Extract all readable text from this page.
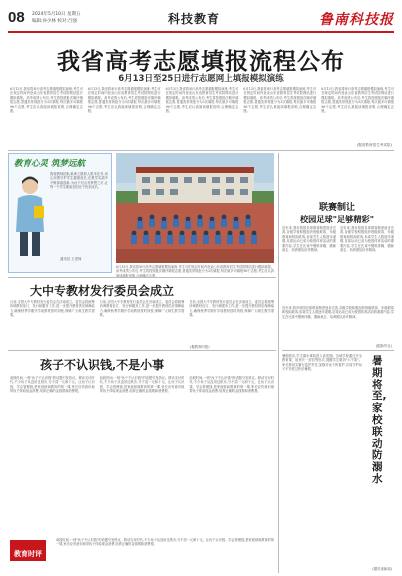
08 2024年5月10日 星期五
编辑:孙少林 校对:吕强	科技教育	鲁南科技报
我省高考志愿填报流程公布
6月13日至25日进行志愿网上填报模拟演练
6月13日,我省将举行高考志愿填报模拟演练,考生可在规定时间内登录山东省教育招生考试院网站进行模拟填报。高考成绩公布后,考生将按照批次顺序填报志愿,普通类常规批分为3次填报,每次最多可填报96个志愿,考生应认真阅读填报说明,合理确定志愿。
6月13日,我省将举行高考志愿填报模拟演练,考生可在规定时间内登录山东省教育招生考试院网站进行模拟填报。高考成绩公布后,考生将按照批次顺序填报志愿,普通类常规批分为3次填报,每次最多可填报96个志愿,考生应认真阅读填报说明,合理确定志愿。
6月13日,我省将举行高考志愿填报模拟演练,考生可在规定时间内登录山东省教育招生考试院网站进行模拟填报。高考成绩公布后,考生将按照批次顺序填报志愿,普通类常规批分为3次填报,每次最多可填报96个志愿,考生应认真阅读填报说明,合理确定志愿。
6月13日,我省将举行高考志愿填报模拟演练,考生可在规定时间内登录山东省教育招生考试院网站进行模拟填报。高考成绩公布后,考生将按照批次顺序填报志愿,普通类常规批分为3次填报,每次最多可填报96个志愿,考生应认真阅读填报说明,合理确定志愿。
6月13日,我省将举行高考志愿填报模拟演练,考生可在规定时间内登录山东省教育招生考试院网站进行模拟填报。高考成绩公布后,考生将按照批次顺序填报志愿,普通类常规批分为3次填报,每次最多可填报96个志愿,考生应认真阅读填报说明,合理确定志愿。
(据省教育招生考试院)
教育心灵 筑梦远航
我校教师团队秉承立德树人根本任务,用心用情守护学生健康成长,在教学实践中不断探索创新,为孩子们点亮梦想之灯,让每一个学生都能在阳光下快乐成长。
通讯员 王老师
6月13日,我省将举行高考志愿填报模拟演练,考生可在规定时间内登录山东省教育招生考试院网站进行模拟填报。高考成绩公布后,考生将按照批次顺序填报志愿,普通类常规批分为3次填报,每次最多可填报96个志愿,考生应认真阅读填报说明,合理确定志愿。
联赛制让
校园足球"足够精彩"
近年来,我市校园足球联赛制度逐步完善,各级学校积极组织班级联赛、年级联赛和校际联赛,参赛学生人数逐年递增,足球运动已成为校园体育活动的重要内容,学生在比赛中锻炼体魄、磨砺意志、培养团队协作精神。
近年来,我市校园足球联赛制度逐步完善,各级学校积极组织班级联赛、年级联赛和校际联赛,参赛学生人数逐年递增,足球运动已成为校园体育活动的重要内容,学生在比赛中锻炼体魄、磨砺意志、培养团队协作精神。
近年来,我市校园足球联赛制度逐步完善,各级学校积极组织班级联赛、年级联赛和校际联赛,参赛学生人数逐年递增,足球运动已成为校园体育活动的重要内容,学生在比赛中锻炼体魄、磨砺意志、培养团队协作精神。
(据新华社)
大中专教材发行委员会成立
日前,全国大中专教材发行委员会在济南成立。委员会将统筹协调教材征订、发行和服务工作,进一步提升教材供应保障能力,确保秋季学期开学前教材按时到校,保障广大师生教学需要。
日前,全国大中专教材发行委员会在济南成立。委员会将统筹协调教材征订、发行和服务工作,进一步提升教材供应保障能力,确保秋季学期开学前教材按时到校,保障广大师生教学需要。
日前,全国大中专教材发行委员会在济南成立。委员会将统筹协调教材征订、发行和服务工作,进一步提升教材供应保障能力,确保秋季学期开学前教材按时到校,保障广大师生教学需要。
(据教育时报)
孩子不认识钱,不是小事
前段时间,一则"孩子不认识钱"的话题引发热议。移动支付时代,不少孩子从没用过纸币,分不清一元和十元。让孩子认识钱、学会管理钱,是家庭财商教育的第一课,家长应有意识地带孩子体验现金消费,培养正确的金钱观和消费观。
前段时间,一则"孩子不认识钱"的话题引发热议。移动支付时代,不少孩子从没用过纸币,分不清一元和十元。让孩子认识钱、学会管理钱,是家庭财商教育的第一课,家长应有意识地带孩子体验现金消费,培养正确的金钱观和消费观。
前段时间,一则"孩子不认识钱"的话题引发热议。移动支付时代,不少孩子从没用过纸币,分不清一元和十元。让孩子认识钱、学会管理钱,是家庭财商教育的第一课,家长应有意识地带孩子体验现金消费,培养正确的金钱观和消费观。
教育时评
前段时间,一则"孩子不认识钱"的话题引发热议。移动支付时代,不少孩子从没用过纸币,分不清一元和十元。让孩子认识钱、学会管理钱,是家庭财商教育的第一课,家长应有意识地带孩子体验现金消费,培养正确的金钱观和消费观。
暑期将至,学生溺水事故进入高发期。各地学校通过安全教育课、致家长一封信等形式,提醒学生做到"六不准"。家长要切实履行监护责任,加强对孩子的看护,共同守护孩子平安度过快乐暑假。
暑期将至,家校联动防溺水
(据央视新闻)
